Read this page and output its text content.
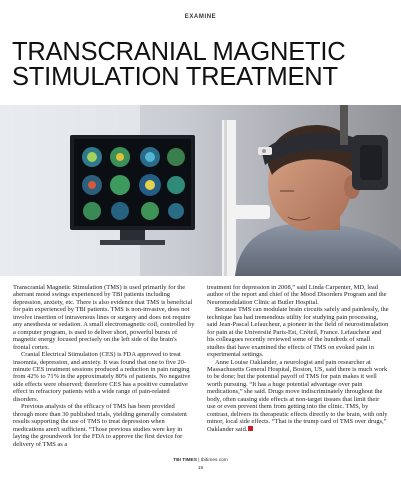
EXAMINE
TRANSCRANIAL MAGNETIC
STIMULATION TREATMENT

Transcranial Magnetic Stimulation (TMS) is used primarily for the aberrant mood swings experienced by TBI patients including depression, anxiety, etc. There is also evidence that TMS is beneficial for pain experienced by TBI patients. TMS is non-invasive, does not involve insertion of intravenous lines or surgery and does not require any anesthesia or sedation. A small electromagnetic coil, controlled by a computer program, is used to deliver short, powerful bursts of magnetic energy focused precisely on the left side of the brain's frontal cortex.

Cranial Electrical Stimulation (CES) is FDA approved to treat insomnia, depression, and anxiety. It was found that one to five 20-minute CES treatment sessions produced a reduction in pain ranging from 42% to 71% in the approximately 80% of patients. No negative side effects were observed; therefore CES has a positive cumulative effect in refractory patients with a wide range of pain-related disorders.

Previous analysis of the efficacy of TMS has been provided through more than 30 published trials, yielding generally consistent results supporting the use of TMS to treat depression when medications aren't sufficient. “Those previous studies were key in laying the groundwork for the FDA to approve the first device for delivery of TMS as a

treatment for depression in 2008,” said Linda Carpenter, MD, lead author of the report and chief of the Mood Disorders Program and the Neuromodulation Clinic at Butler Hospital.

Because TMS can modulate brain circuits safely and painlessly, the technique has had tremendous utility for studying pain processing, said Jean-Pascal Lefaucheur, a pioneer in the field of neurostimulation for pain at the Université Paris-Est, Créteil, France. Lefaucheur and his colleagues recently reviewed some of the hundreds of small studies that have examined the effects of TMS on evoked pain in experimental settings.

Anne Louise Oaklander, a neurologist and pain researcher at Massachusetts General Hospital, Boston, US, said there is much work to be done; but the potential payoff of TMS for pain makes it well worth pursuing. “It has a huge potential advantage over pain medications,” she said. Drugs move indiscriminately throughout the body, often causing side effects at non-target tissues that limit their use or even prevent them from getting into the clinic. TMS, by contrast, delivers its therapeutic effects directly to the brain, with only minor, local side effects. “That is the trump card of TMS over drugs,” Oaklander said.

TBI TIMES | tbitimes.com
19
